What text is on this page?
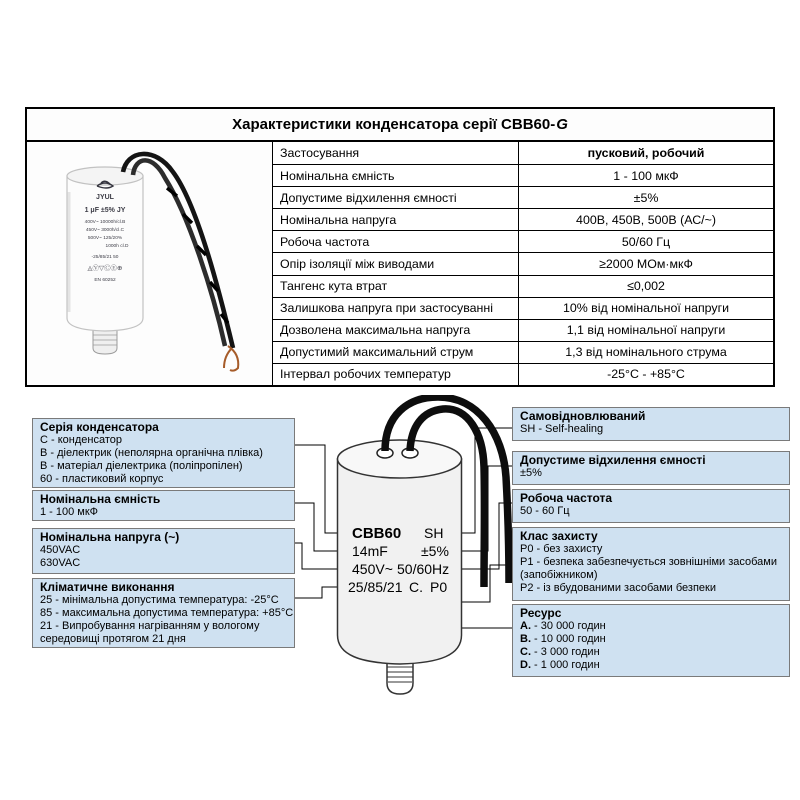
Характеристики конденсатора серії CBB60- G
JYUL
1 μF ±5% JY
400V~ 10000h/cl.B
450V~ 3000h/cl.C
500V~ 125/20%
1000h cl.D
-25/85/21 50
◬Ⓥ▽ⒸⒺ⊕
EN 60252
Застосування	пусковий, робочий
Номінальна ємність	1 - 100 мкФ
Допустиме відхилення ємності	±5%
Номінальна напруга	400В, 450В, 500В (АС/~)
Робоча частота	50/60 Гц
Опір ізоляції між виводами	≥2000 МОм·мкФ
Тангенс кута втрат	≤0,002
Залишкова напруга при застосуванні	10% від номінальної напруги
Дозволена максимальна напруга	1,1 від номінальної напруги
Допустимий максимальний струм	1,3 від номінального струма
Інтервал робочих температур	-25°С - +85°С
CBB60 SH
14mF ±5%
450V~ 50/60Hz
25/85/21 C. P0
Серія конденсатора
C - конденсатор
B - діелектрик (неполярна органічна плівка)
B - матеріал діелектрика (поліпропілен)
60 - пластиковий корпус
Номінальна ємність
1 - 100 мкФ
Номінальна напруга (~)
450VAC
630VAC
Кліматичне виконання
25 - мінімальна допустима температура: -25°С
85 - максимальна допустима температура: +85°С
21 - Випробування нагріванням у вологому
середовищі протягом 21 дня
Самовідновлюваний
SH - Self-healing
Допустиме відхилення ємності
±5%
Робоча частота
50 - 60 Гц
Клас захисту
P0 - без захисту
P1 - безпека забезпечується зовнішніми засобами
(запобіжником)
P2 - із вбудованими засобами безпеки
Ресурс
A. - 30 000 годин
B. - 10 000 годин
C. - 3 000 годин
D. - 1 000 годин
